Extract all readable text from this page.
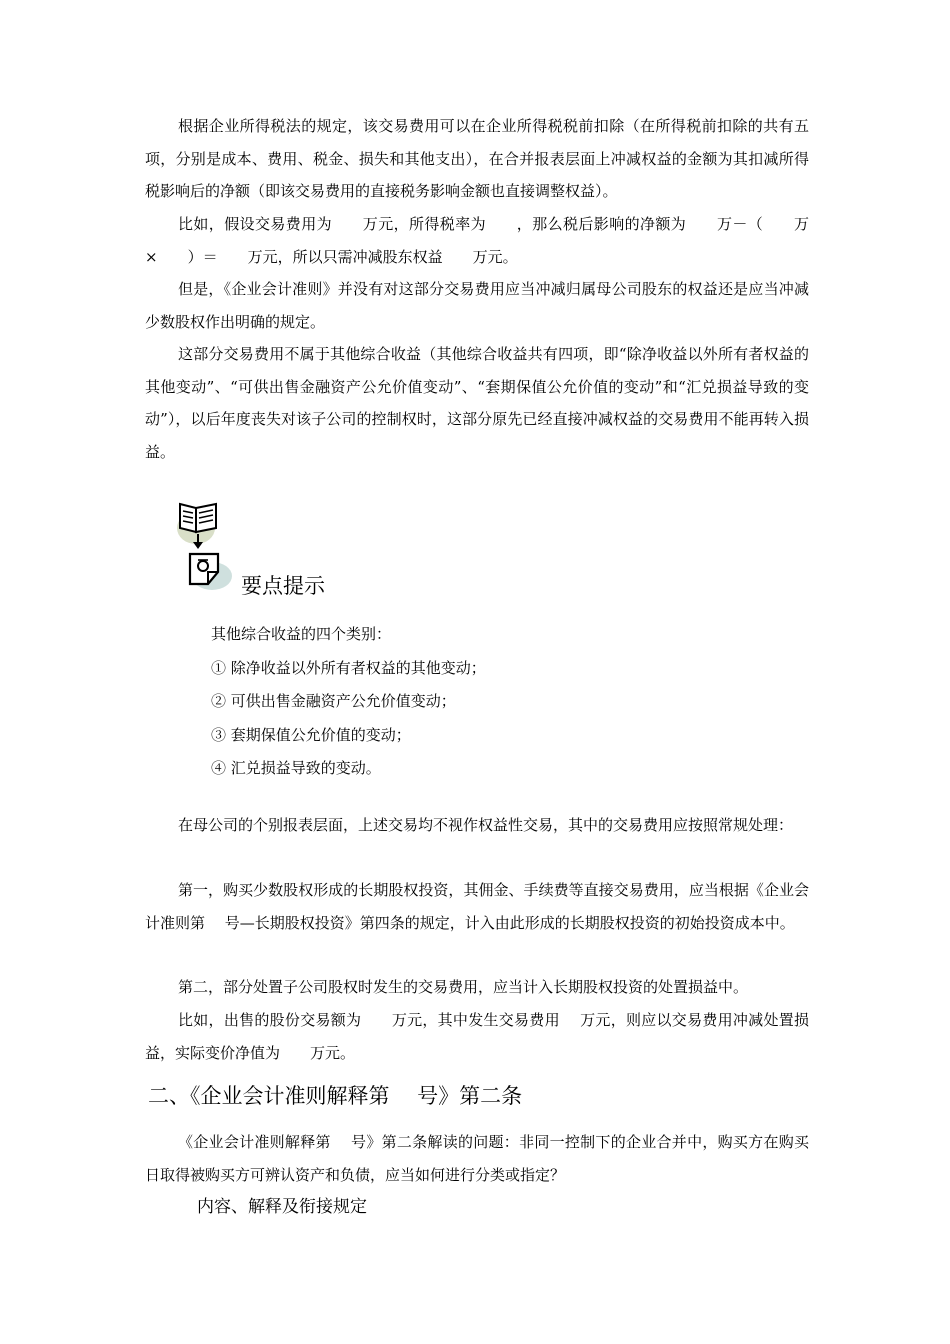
根据企业所得税法的规定，该交易费用可以在企业所得税税前扣除（在所得税前扣除的共有五项，分别是成本、费用、税金、损失和其他支出），在合并报表层面上冲减权益的金额为其扣减所得税影响后的净额（即该交易费用的直接税务影响金额也直接调整权益）。

比如，假设交易费用为　　万元，所得税率为　　，那么税后影响的净额为　　万－（　　万×　　）＝　　万元，所以只需冲减股东权益　　万元。

但是，《企业会计准则》并没有对这部分交易费用应当冲减归属母公司股东的权益还是应当冲减少数股权作出明确的规定。

这部分交易费用不属于其他综合收益（其他综合收益共有四项，即“除净收益以外所有者权益的其他变动”、“可供出售金融资产公允价值变动”、“套期保值公允价值的变动”和“汇兑损益导致的变动”），以后年度丧失对该子公司的控制权时，这部分原先已经直接冲减权益的交易费用不能再转入损益。

要点提示

其他综合收益的四个类别：
① 除净收益以外所有者权益的其他变动；
② 可供出售金融资产公允价值变动；
③ 套期保值公允价值的变动；
④ 汇兑损益导致的变动。

在母公司的个别报表层面，上述交易均不视作权益性交易，其中的交易费用应按照常规处理：

第一，购买少数股权形成的长期股权投资，其佣金、手续费等直接交易费用，应当根据《企业会计准则第　 号—长期股权投资》第四条的规定，计入由此形成的长期股权投资的初始投资成本中。

第二，部分处置子公司股权时发生的交易费用，应当计入长期股权投资的处置损益中。

比如，出售的股份交易额为　　万元，其中发生交易费用　 万元，则应以交易费用冲减处置损益，实际变价净值为　　万元。

二、《企业会计准则解释第　 号》第二条

《企业会计准则解释第　 号》第二条解读的问题：非同一控制下的企业合并中，购买方在购买日取得被购买方可辨认资产和负债，应当如何进行分类或指定？

内容、解释及衔接规定
